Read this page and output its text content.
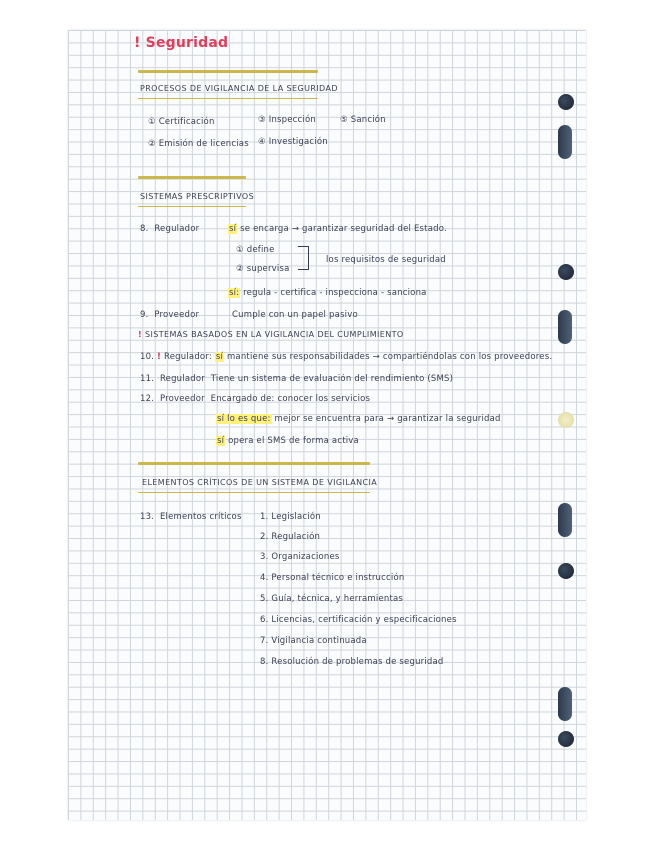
! Seguridad
PROCESOS DE VIGILANCIA DE LA SEGURIDAD
① Certificación	③ Inspección	⑤ Sanción
② Emisión de licencias ④ Investigación
SISTEMAS PRESCRIPTIVOS
8. Regulador	sí se encarga → garantizar seguridad del Estado.
① define
② supervisa
los requisitos de seguridad
sí: regula - certifica - inspecciona - sanciona
9. Proveedor	Cumple con un papel pasivo
! SISTEMAS BASADOS EN LA VIGILANCIA DEL CUMPLIMIENTO
10. ! Regulador: sí mantiene sus responsabilidades → compartiéndolas con los proveedores.
11. Regulador Tiene un sistema de evaluación del rendimiento (SMS)
12. Proveedor Encargado de: conocer los servicios
sí lo es que: mejor se encuentra para → garantizar la seguridad
sí opera el SMS de forma activa
ELEMENTOS CRÍTICOS DE UN SISTEMA DE VIGILANCIA
13. Elementos críticos 1. Legislación
2. Regulación
3. Organizaciones
4. Personal técnico e instrucción
5. Guía, técnica, y herramientas
6. Licencias, certificación y especificaciones
7. Vigilancia continuada
8. Resolución de problemas de seguridad
